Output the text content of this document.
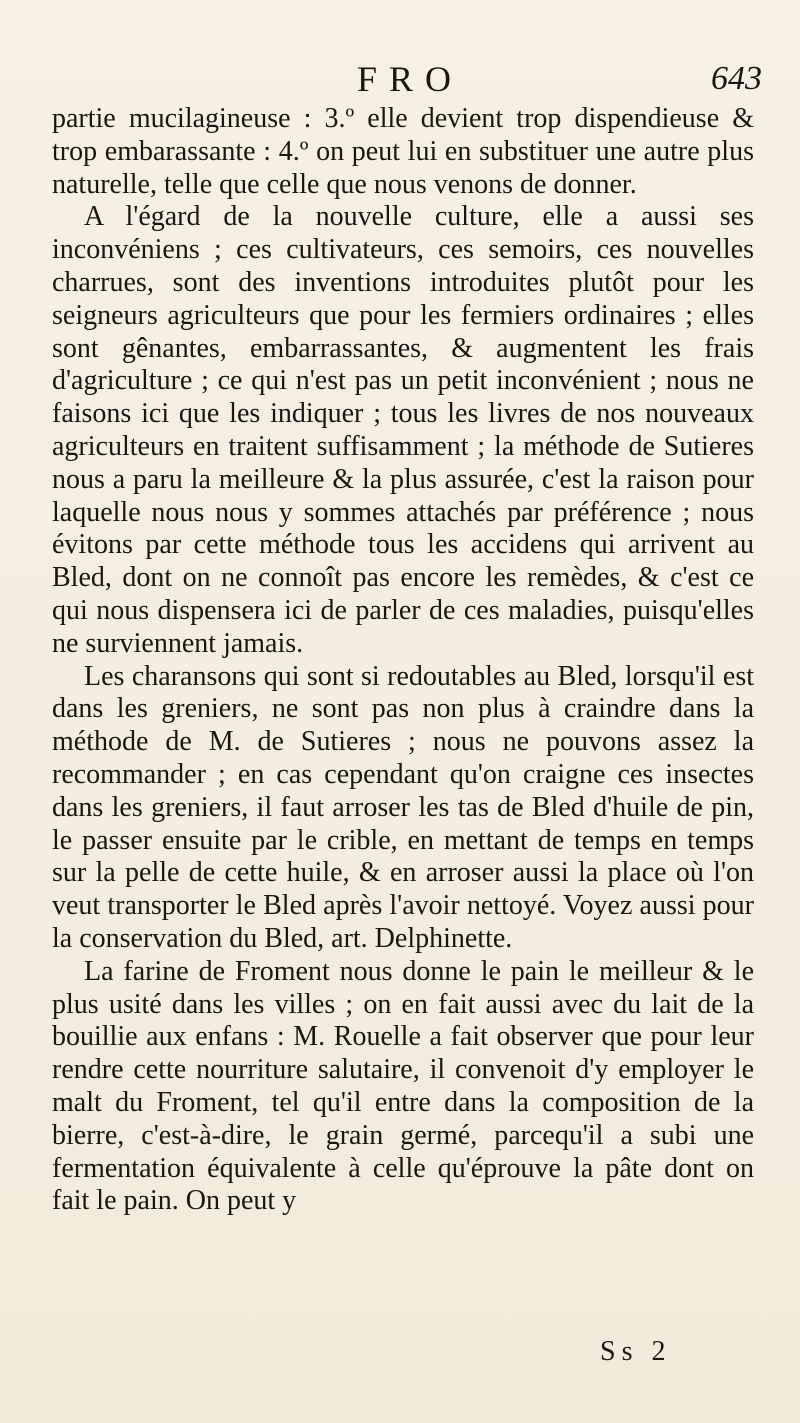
FRO	643

partie mucilagineuse : 3.º elle devient trop dispendieuse & trop embarassante : 4.º on peut lui en substituer une autre plus naturelle, telle que celle que nous venons de donner.

A l'égard de la nouvelle culture, elle a aussi ses inconvéniens ; ces cultivateurs, ces semoirs, ces nouvelles charrues, sont des inventions introduites plutôt pour les seigneurs agriculteurs que pour les fermiers ordinaires ; elles sont gênantes, embarrassantes, & augmentent les frais d'agriculture ; ce qui n'est pas un petit inconvénient ; nous ne faisons ici que les indiquer ; tous les livres de nos nouveaux agriculteurs en traitent suffisamment ; la méthode de Sutieres nous a paru la meilleure & la plus assurée, c'est la raison pour laquelle nous nous y sommes attachés par préférence ; nous évitons par cette méthode tous les accidens qui arrivent au Bled, dont on ne connoît pas encore les remèdes, & c'est ce qui nous dispensera ici de parler de ces maladies, puisqu'elles ne surviennent jamais.

Les charansons qui sont si redoutables au Bled, lorsqu'il est dans les greniers, ne sont pas non plus à craindre dans la méthode de M. de Sutieres ; nous ne pouvons assez la recommander ; en cas cependant qu'on craigne ces insectes dans les greniers, il faut arroser les tas de Bled d'huile de pin, le passer ensuite par le crible, en mettant de temps en temps sur la pelle de cette huile, & en arroser aussi la place où l'on veut transporter le Bled après l'avoir nettoyé. Voyez aussi pour la conservation du Bled, art. Delphinette.

La farine de Froment nous donne le pain le meilleur & le plus usité dans les villes ; on en fait aussi avec du lait de la bouillie aux enfans : M. Rouelle a fait observer que pour leur rendre cette nourriture salutaire, il convenoit d'y employer le malt du Froment, tel qu'il entre dans la composition de la bierre, c'est-à-dire, le grain germé, parcequ'il a subi une fermentation équivalente à celle qu'éprouve la pâte dont on fait le pain. On peut y

Ss 2
